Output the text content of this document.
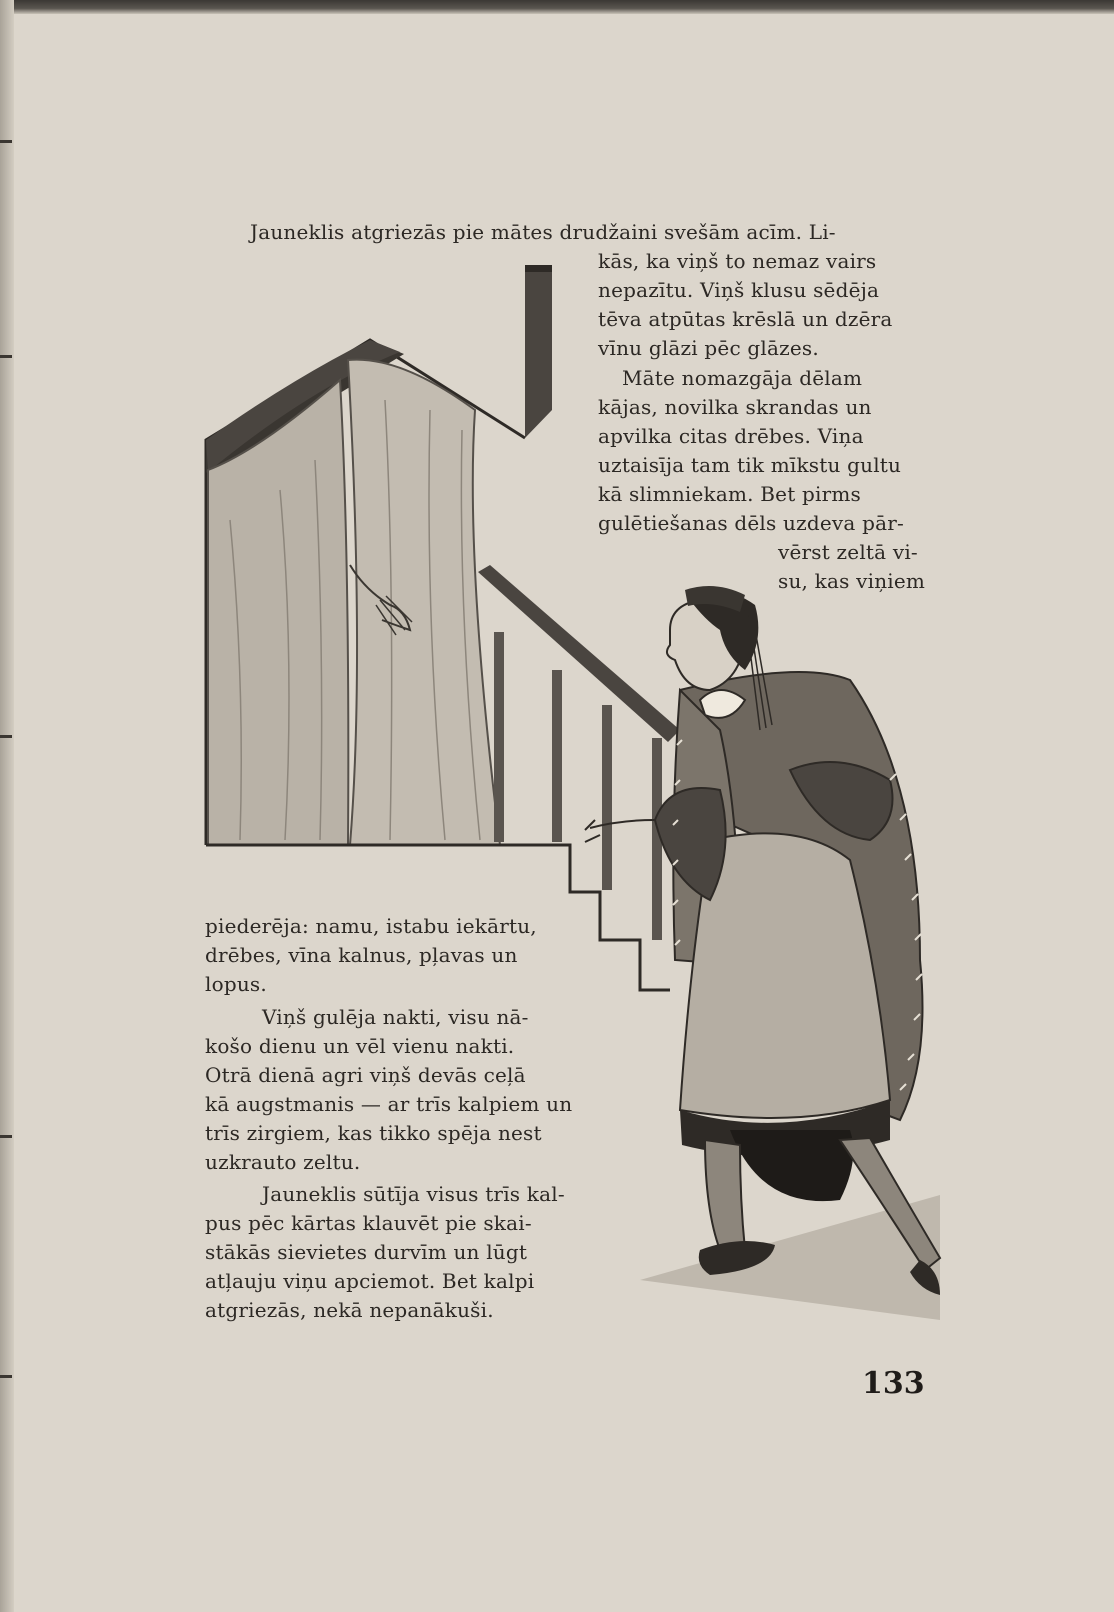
Jauneklis atgriezās pie mātes drudžaini svešām acīm. Li-

kās, ka viņš to nemaz vairs

nepazītu. Viņš klusu sēdēja

tēva atpūtas krēslā un dzēra

vīnu glāzi pēc glāzes.

Māte nomazgāja dēlam

kājas, novilka skrandas un

apvilka citas drēbes. Viņa

uztaisīja tam tik mīkstu gultu

kā slimniekam. Bet pirms

gulētiešanas dēls uzdeva pār-

vērst zeltā vi-

su, kas viņiem

piederēja: namu, istabu iekārtu,

drēbes, vīna kalnus, pļavas un

lopus.

Viņš gulēja nakti, visu nā-

košo dienu un vēl vienu nakti.

Otrā dienā agri viņš devās ceļā

kā augstmanis — ar trīs kalpiem un

trīs zirgiem, kas tikko spēja nest

uzkrauto zeltu.

Jauneklis sūtīja visus trīs kal-

pus pēc kārtas klauvēt pie skai-

stākās sievietes durvīm un lūgt

atļauju viņu apciemot. Bet kalpi

atgriezās, nekā nepanākuši.

133
